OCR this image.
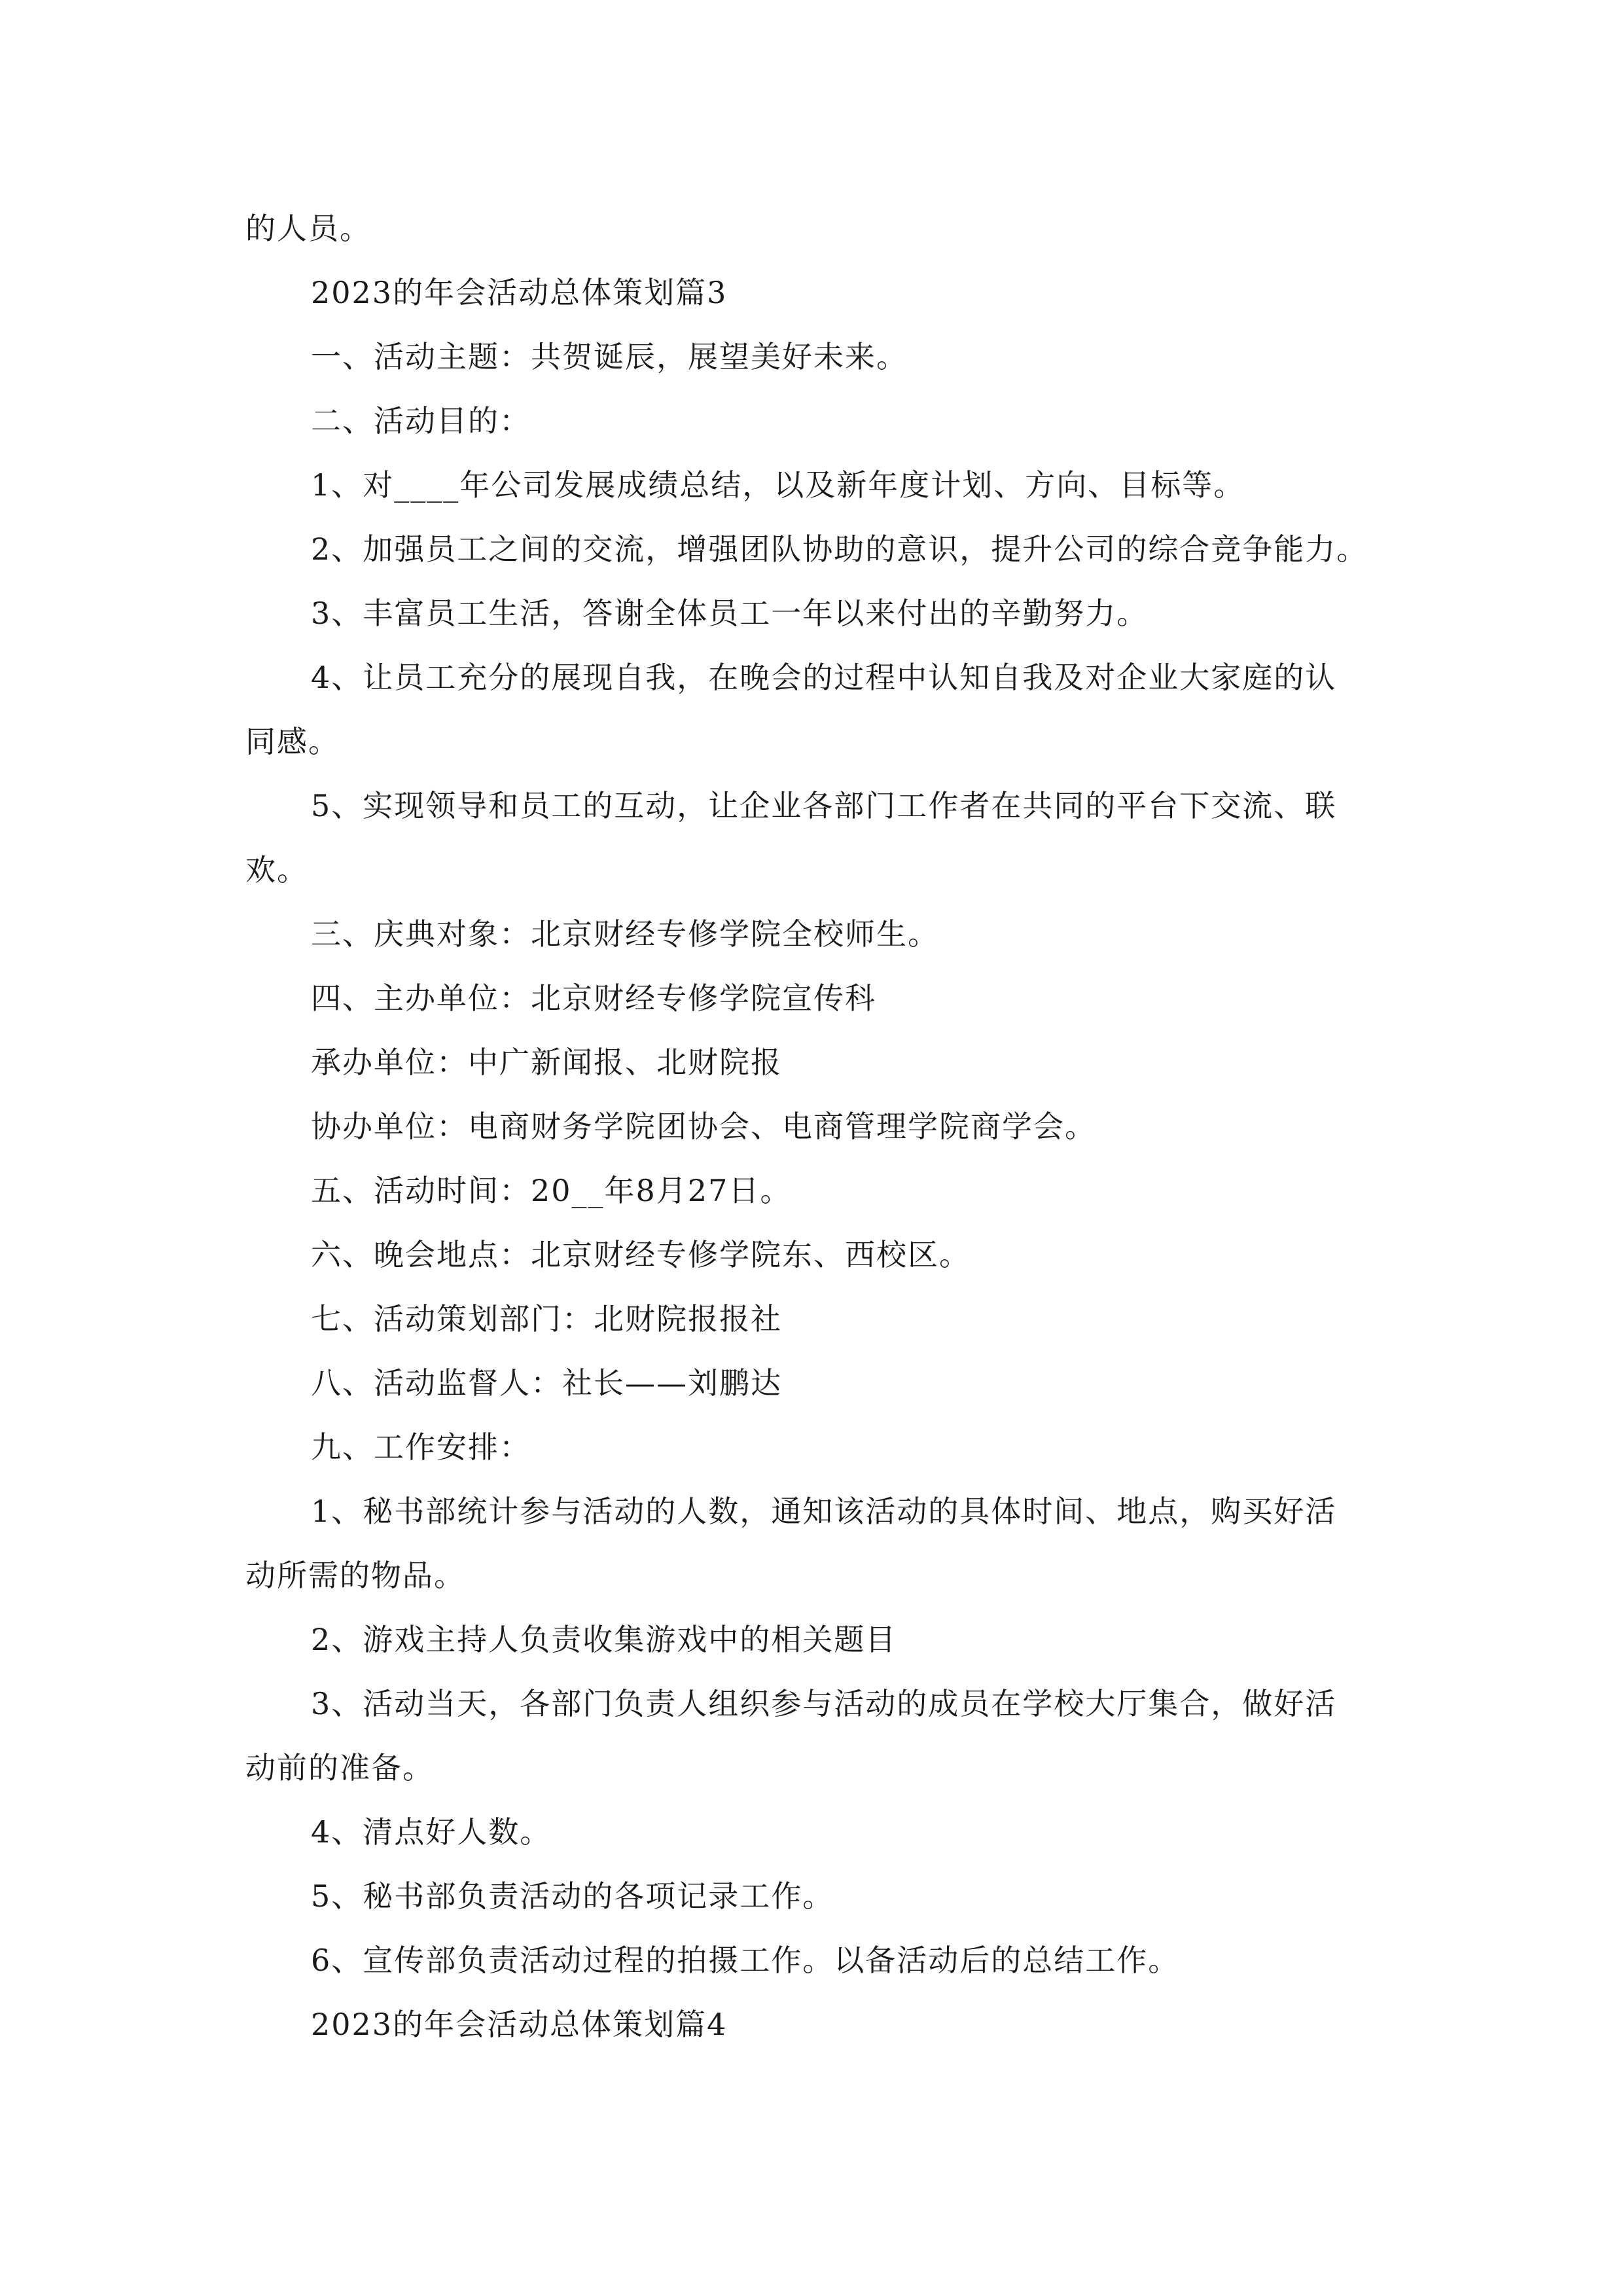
的人员。
2023的年会活动总体策划篇3
一、活动主题：共贺诞辰，展望美好未来。
二、活动目的：
1、对____年公司发展成绩总结，以及新年度计划、方向、目标等。
2、加强员工之间的交流，增强团队协助的意识，提升公司的综合竞争能力。
3、丰富员工生活，答谢全体员工一年以来付出的辛勤努力。
4、让员工充分的展现自我，在晚会的过程中认知自我及对企业大家庭的认
同感。
5、实现领导和员工的互动，让企业各部门工作者在共同的平台下交流、联
欢。
三、庆典对象：北京财经专修学院全校师生。
四、主办单位：北京财经专修学院宣传科
承办单位：中广新闻报、北财院报
协办单位：电商财务学院团协会、电商管理学院商学会。
五、活动时间：20__年8月27日。
六、晚会地点：北京财经专修学院东、西校区。
七、活动策划部门：北财院报报社
八、活动监督人：社长——刘鹏达
九、工作安排：
1、秘书部统计参与活动的人数，通知该活动的具体时间、地点，购买好活
动所需的物品。
2、游戏主持人负责收集游戏中的相关题目
3、活动当天，各部门负责人组织参与活动的成员在学校大厅集合，做好活
动前的准备。
4、清点好人数。
5、秘书部负责活动的各项记录工作。
6、宣传部负责活动过程的拍摄工作。以备活动后的总结工作。
2023的年会活动总体策划篇4
